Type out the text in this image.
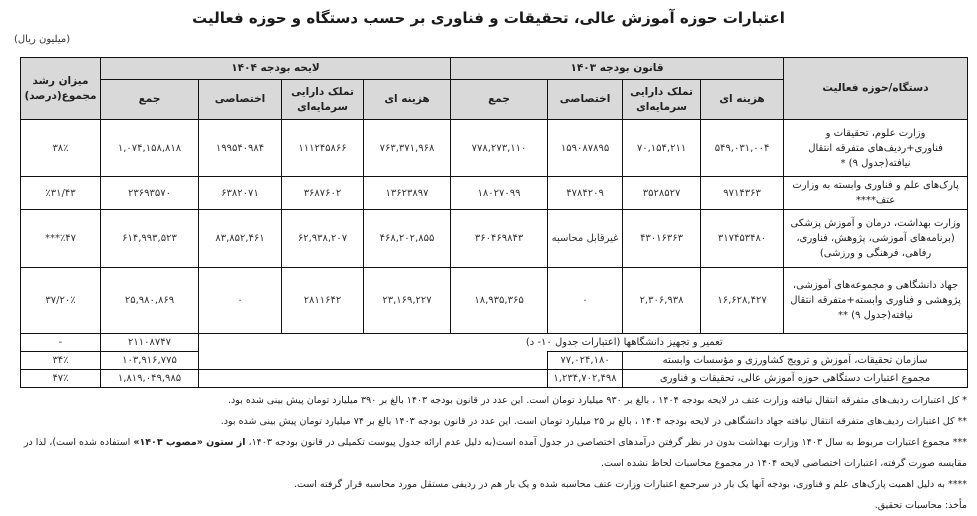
اعتبارات حوزه آموزش عالی، تحقیقات و فناوری بر حسب دستگاه و حوزه فعالیت
(میلیون ریال)
دستگاه/حوزه فعالیت	قانون بودجه ۱۴۰۳				لایحه بودجه ۱۴۰۴				میزان رشد مجموع(درصد)
	هزینه ای	تملک دارایی سرمایه‌ای	اختصاصی	جمع	هزینه ای	تملک دارایی سرمایه‌ای	اختصاصی	جمع	
وزارت علوم، تحقیقات و فناوری+ردیف‌های متفرقه انتقال نیافته(جدول ۹) *	۵۴۹,۰۳۱,۰۰۴	۷۰,۱۵۴,۲۱۱	۱۵۹۰۸۷۸۹۵	۷۷۸,۲۷۳,۱۱۰	۷۶۳,۳۷۱,۹۶۸	۱۱۱۲۴۵۸۶۶	۱۹۹۵۴۰۹۸۴	۱,۰۷۴,۱۵۸,۸۱۸	۳۸٪
پارک‌های علم و فناوری وابسته به وزارت عتف****	۹۷۱۴۳۶۳	۳۵۲۸۵۲۷	۴۷۸۴۲۰۹	۱۸۰۲۷۰۹۹	۱۳۶۲۳۸۹۷	۳۶۸۷۶۰۲	۶۳۸۲۰۷۱	۲۳۶۹۳۵۷۰	٪۳۱/۴۳
وزارت بهداشت، درمان و آموزش پزشکی (برنامه‌های آموزشی، پژوهش، فناوری، رفاهی، فرهنگی و ورزشی)	۳۱۷۴۵۳۴۸۰	۴۳۰۱۶۳۶۳	غیرقابل محاسبه	۳۶۰۴۶۹۸۴۳	۴۶۸,۲۰۲,۸۵۵	۶۲,۹۳۸,۲۰۷	۸۳,۸۵۲,۴۶۱	۶۱۴,۹۹۳,۵۲۳	٪۴۷***
جهاد دانشگاهی و مجموعه‌های آموزشی، پژوهشی و فناوری وابسته+متفرقه انتقال نیافته(جدول ۹) **	۱۶,۶۲۸,۴۲۷	۲,۳۰۶,۹۳۸	۰	۱۸,۹۳۵,۳۶۵	۲۳,۱۶۹,۲۲۷	۲۸۱۱۶۴۲	۰	۲۵,۹۸۰,۸۶۹	۳۷/۲۰٪
تعمیر و تجهیز دانشگاهها (اعتبارات جدول ۱۰- د)								۲۱۱۰۸۷۴۷	-
سازمان تحقیقات، آموزش و ترویج کشاورزی و مؤسسات وابسته			۷۷,۰۲۴,۱۸۰					۱۰۳,۹۱۶,۷۷۵	۳۴٪
مجموع اعتبارات دستگاهی حوزه آموزش عالی، تحقیقات و فناوری			۱,۲۳۴,۷۰۲,۴۹۸					۱,۸۱۹,۰۴۹,۹۸۵	۴۷٪

* کل اعتبارات ردیف‌های متفرقه انتقال نیافته وزارت عتف در لایحه بودجه ۱۴۰۴ ، بالغ بر ۹۳۰ میلیارد تومان است. این عدد در قانون بودجه ۱۴۰۳ بالغ بر ۳۹۰ میلیارد تومان پیش بینی شده بود.

** کل اعتبارات ردیف‌های متفرقه انتقال نیافته جهاد دانشگاهی در لایحه بودجه ۱۴۰۴ ، بالغ بر ۲۵ میلیارد تومان است. این عدد در قانون بودجه ۱۴۰۳ بالغ بر ۷۴ میلیارد تومان پیش بینی شده بود.

*** مجموع اعتبارات مربوط به سال ۱۴۰۳ وزارت بهداشت بدون در نظر گرفتن درآمدهای اختصاصی در جدول آمده است(به دلیل عدم ارائه جدول پیوست تکمیلی در قانون بودجه ۱۴۰۳، از ستون «مصوب ۱۴۰۳» استفاده شده است)، لذا در مقایسه صورت گرفته، اعتبارات اختصاصی لایحه ۱۴۰۴ در مجموع محاسبات لحاظ نشده است.

**** به دلیل اهمیت پارک‌های علم و فناوری، بودجه آنها یک بار در سرجمع اعتبارات وزارت عتف محاسبه شده و یک بار هم در ردیفی مستقل مورد محاسبه قرار گرفته است.

مأخذ: محاسبات تحقیق.
